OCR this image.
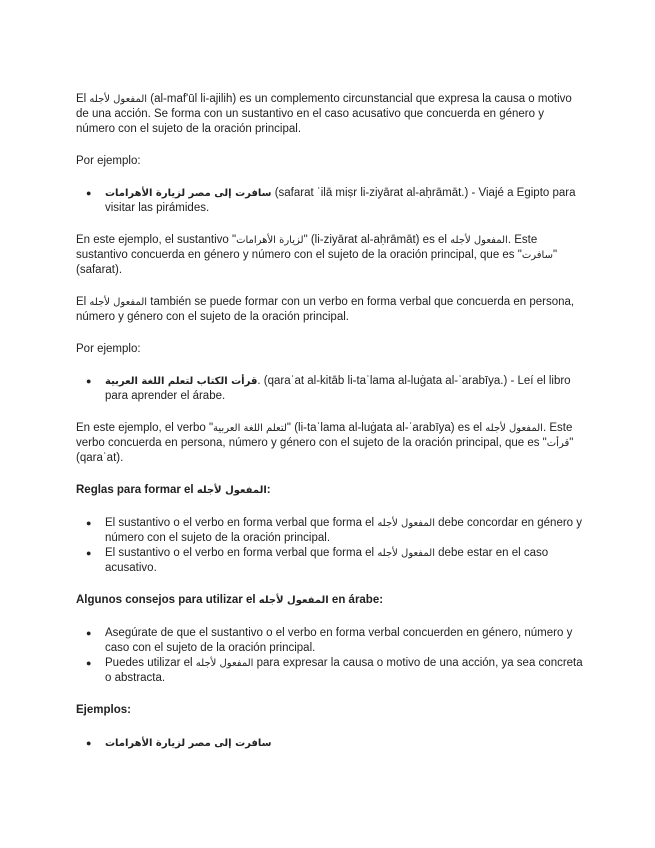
El المفعول لأجله (al-maf'ūl li-ajilih) es un complemento circunstancial que expresa la causa o motivo de una acción. Se forma con un sustantivo en el caso acusativo que concuerda en género y número con el sujeto de la oración principal.

Por ejemplo:

● سافرت إلى مصر لزيارة الأهرامات (safarat ʾilā miṣr li-ziyārat al-aḥrāmāt.) - Viajé a Egipto para visitar las pirámides.

En este ejemplo, el sustantivo "لزيارة الأهرامات" (li-ziyārat al-aḥrāmāt) es el المفعول لأجله. Este sustantivo concuerda en género y número con el sujeto de la oración principal, que es "سافرت" (safarat).

El المفعول لأجله también se puede formar con un verbo en forma verbal que concuerda en persona, número y género con el sujeto de la oración principal.

Por ejemplo:

● قرأت الكتاب لتعلم اللغة العربية. (qaraʾat al-kitāb li-taʿlama al-luġata al-ʿarabīya.) - Leí el libro para aprender el árabe.

En este ejemplo, el verbo "لتعلم اللغة العربية" (li-taʿlama al-luġata al-ʿarabīya) es el المفعول لأجله. Este verbo concuerda en persona, número y género con el sujeto de la oración principal, que es "قرأت" (qaraʾat).

Reglas para formar el المفعول لأجله:

● El sustantivo o el verbo en forma verbal que forma el المفعول لأجله debe concordar en género y número con el sujeto de la oración principal.
● El sustantivo o el verbo en forma verbal que forma el المفعول لأجله debe estar en el caso acusativo.

Algunos consejos para utilizar el المفعول لأجله en árabe:

● Asegúrate de que el sustantivo o el verbo en forma verbal concuerden en género, número y caso con el sujeto de la oración principal.
● Puedes utilizar el المفعول لأجله para expresar la causa o motivo de una acción, ya sea concreta o abstracta.

Ejemplos:

● سافرت إلى مصر لزيارة الأهرامات
